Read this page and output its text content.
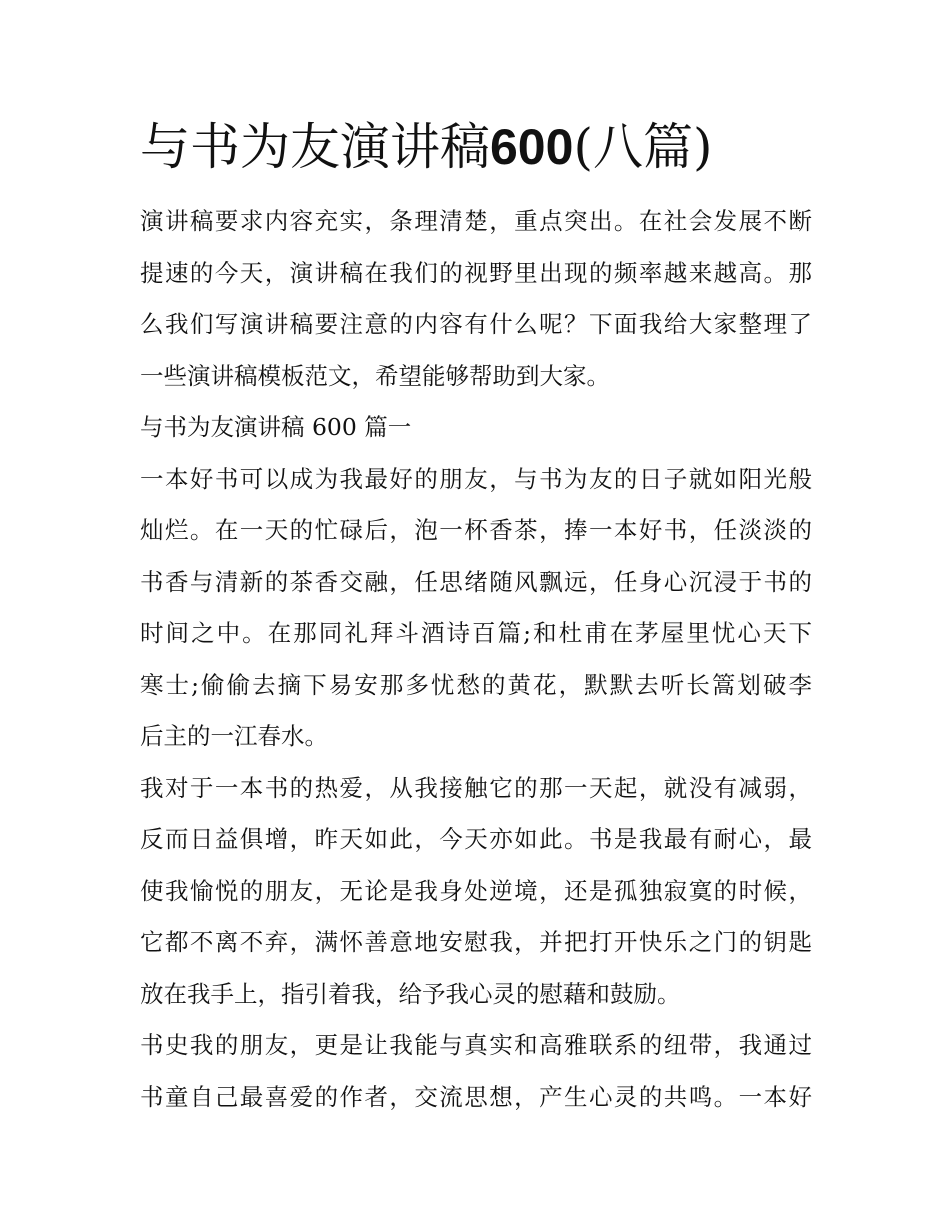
与书为友演讲稿600(八篇)
演讲稿要求内容充实，条理清楚，重点突出。在社会发展不断
提速的今天，演讲稿在我们的视野里出现的频率越来越高。那
么我们写演讲稿要注意的内容有什么呢？下面我给大家整理了
一些演讲稿模板范文，希望能够帮助到大家。
与书为友演讲稿 600 篇一
一本好书可以成为我最好的朋友，与书为友的日子就如阳光般
灿烂。在一天的忙碌后，泡一杯香茶，捧一本好书，任淡淡的
书香与清新的茶香交融，任思绪随风飘远，任身心沉浸于书的
时间之中。在那同礼拜斗酒诗百篇;和杜甫在茅屋里忧心天下
寒士;偷偷去摘下易安那多忧愁的黄花，默默去听长篙划破李
后主的一江春水。
我对于一本书的热爱，从我接触它的那一天起，就没有减弱，
反而日益俱增，昨天如此，今天亦如此。书是我最有耐心，最
使我愉悦的朋友，无论是我身处逆境，还是孤独寂寞的时候，
它都不离不弃，满怀善意地安慰我，并把打开快乐之门的钥匙
放在我手上，指引着我，给予我心灵的慰藉和鼓励。
书史我的朋友，更是让我能与真实和高雅联系的纽带，我通过
书童自己最喜爱的作者，交流思想，产生心灵的共鸣。一本好
